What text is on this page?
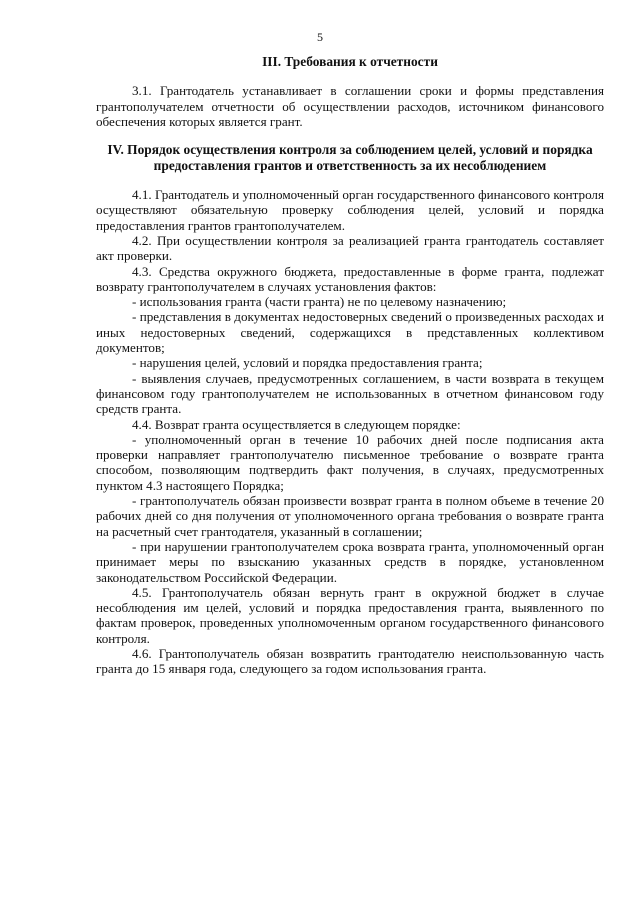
5
III. Требования к отчетности

3.1. Грантодатель устанавливает в соглашении сроки и формы представления грантополучателем отчетности об осуществлении расходов, источником финансового обеспечения которых является грант.

IV. Порядок осуществления контроля за соблюдением целей, условий и порядка предоставления грантов и ответственность за их несоблюдением

4.1. Грантодатель и уполномоченный орган государственного финансового контроля осуществляют обязательную проверку соблюдения целей, условий и порядка предоставления грантов грантополучателем.

4.2. При осуществлении контроля за реализацией гранта грантодатель составляет акт проверки.

4.3. Средства окружного бюджета, предоставленные в форме гранта, подлежат возврату грантополучателем в случаях установления фактов:

- использования гранта (части гранта) не по целевому назначению;

- представления в документах недостоверных сведений о произведенных расходах и иных недостоверных сведений, содержащихся в представленных коллективом документов;

- нарушения целей, условий и порядка предоставления гранта;

- выявления случаев, предусмотренных соглашением, в части возврата в текущем финансовом году грантополучателем не использованных в отчетном финансовом году средств гранта.

4.4. Возврат гранта осуществляется в следующем порядке:

- уполномоченный орган в течение 10 рабочих дней после подписания акта проверки направляет грантополучателю письменное требование о возврате гранта способом, позволяющим подтвердить факт получения, в случаях, предусмотренных пунктом 4.3 настоящего Порядка;

- грантополучатель обязан произвести возврат гранта в полном объеме в течение 20 рабочих дней со дня получения от уполномоченного органа требования о возврате гранта на расчетный счет грантодателя, указанный в соглашении;

- при нарушении грантополучателем срока возврата гранта, уполномоченный орган принимает меры по взысканию указанных средств в порядке, установленном законодательством Российской Федерации.

4.5. Грантополучатель обязан вернуть грант в окружной бюджет в случае несоблюдения им целей, условий и порядка предоставления гранта, выявленного по фактам проверок, проведенных уполномоченным органом государственного финансового контроля.

4.6. Грантополучатель обязан возвратить грантодателю неиспользованную часть гранта до 15 января года, следующего за годом использования гранта.
